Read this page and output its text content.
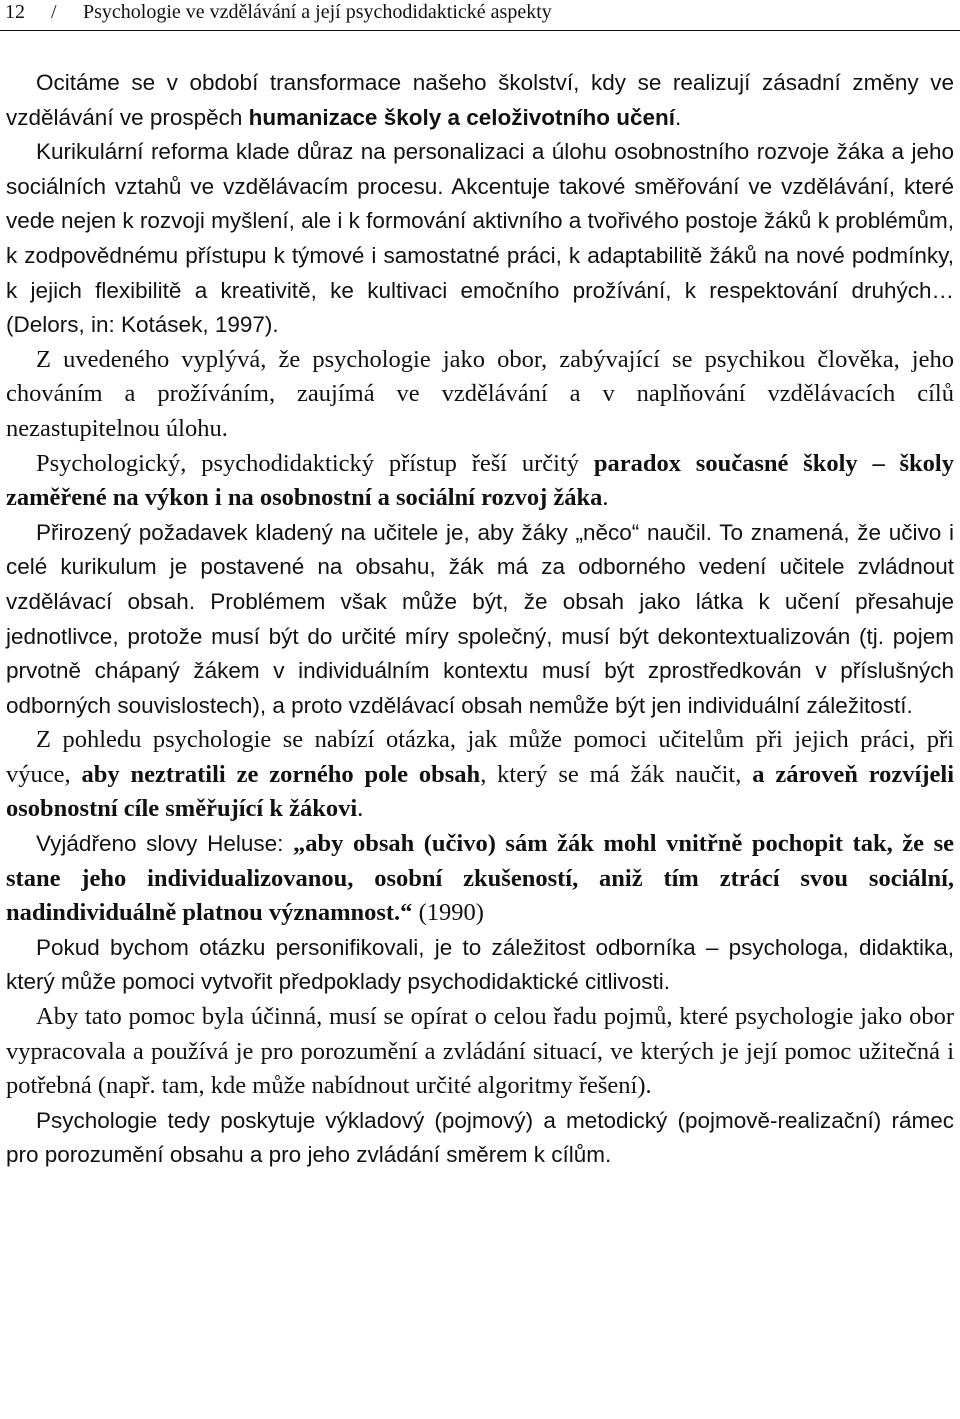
12 / Psychologie ve vzdělávání a její psychodidaktické aspekty

Ocitáme se v období transformace našeho školství, kdy se realizují zásadní změny ve vzdělávání ve prospěch humanizace školy a celoživotního učení.

Kurikulární reforma klade důraz na personalizaci a úlohu osobnostního rozvoje žáka a jeho sociálních vztahů ve vzdělávacím procesu. Akcentuje takové směřování ve vzdělávání, které vede nejen k rozvoji myšlení, ale i k formování aktivního a tvořivého postoje žáků k problémům, k zodpovědnému přístupu k týmové i samostatné práci, k adaptabilitě žáků na nové podmínky, k jejich flexibilitě a kreativitě, ke kultivaci emočního prožívání, k respektování druhých… (Delors, in: Kotásek, 1997).

Z uvedeného vyplývá, že psychologie jako obor, zabývající se psychikou člověka, jeho chováním a prožíváním, zaujímá ve vzdělávání a v naplňování vzdělávacích cílů nezastupitelnou úlohu.

Psychologický, psychodidaktický přístup řeší určitý paradox současné školy – školy zaměřené na výkon i na osobnostní a sociální rozvoj žáka.

Přirozený požadavek kladený na učitele je, aby žáky „něco“ naučil. To znamená, že učivo i celé kurikulum je postavené na obsahu, žák má za odborného vedení učitele zvládnout vzdělávací obsah. Problémem však může být, že obsah jako látka k učení přesahuje jednotlivce, protože musí být do určité míry společný, musí být dekontextualizován (tj. pojem prvotně chápaný žákem v individuálním kontextu musí být zprostředkován v příslušných odborných souvislostech), a proto vzdělávací obsah nemůže být jen individuální záležitostí.

Z pohledu psychologie se nabízí otázka, jak může pomoci učitelům při jejich práci, při výuce, aby neztratili ze zorného pole obsah, který se má žák naučit, a zároveň rozvíjeli osobnostní cíle směřující k žákovi.

Vyjádřeno slovy Heluse: „aby obsah (učivo) sám žák mohl vnitřně pochopit tak, že se stane jeho individualizovanou, osobní zkušeností, aniž tím ztrácí svou sociální, nadindividuálně platnou významnost.“ (1990)

Pokud bychom otázku personifikovali, je to záležitost odborníka – psychologa, didaktika, který může pomoci vytvořit předpoklady psychodidaktické citlivosti.

Aby tato pomoc byla účinná, musí se opírat o celou řadu pojmů, které psychologie jako obor vypracovala a používá je pro porozumění a zvládání situací, ve kterých je její pomoc užitečná i potřebná (např. tam, kde může nabídnout určité algoritmy řešení).

Psychologie tedy poskytuje výkladový (pojmový) a metodický (pojmově-realizační) rámec pro porozumění obsahu a pro jeho zvládání směrem k cílům.
